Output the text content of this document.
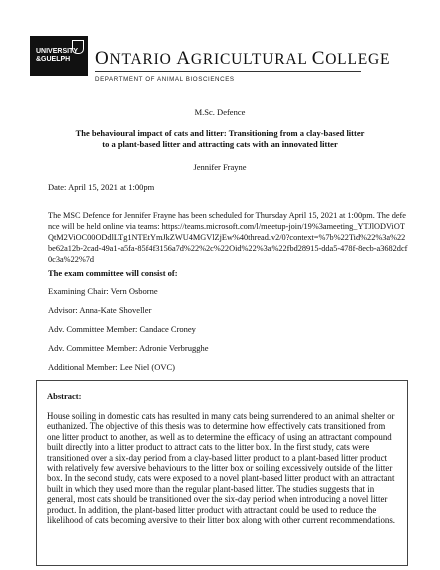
UNIVERSITY
&GUELPH	ONTARIO AGRICULTURAL COLLEGE
DEPARTMENT OF ANIMAL BIOSCIENCES
M.Sc. Defence
The behavioural impact of cats and litter: Transitioning from a clay-based litter
to a plant-based litter and attracting cats with an innovated litter
Jennifer Frayne
Date: April 15, 2021 at 1:00pm
The MSC Defence for Jennifer Frayne has been scheduled for Thursday April 15, 2021 at 1:00pm. The defence will be held online via teams: https://teams.microsoft.com/l/meetup-join/19%3ameeting_YTJlODViOTQtM2ViOC00ODdlLTg1NTEtYmJkZWU4MGVlZjEw%40thread.v2/0?context=%7b%22Tid%22%3a%22be62a12b-2cad-49a1-a5fa-85f4f3156a7d%22%2c%22Oid%22%3a%22fbd28915-dda5-478f-8ecb-a3682dcf0c3a%22%7d
The exam committee will consist of:
Examining Chair: Vern Osborne
Advisor: Anna-Kate Shoveller
Adv. Committee Member: Candace Croney
Adv. Committee Member: Adronie Verbrugghe
Additional Member: Lee Niel (OVC)
Abstract:
House soiling in domestic cats has resulted in many cats being surrendered to an animal shelter or euthanized. The objective of this thesis was to determine how effectively cats transitioned from one litter product to another, as well as to determine the efficacy of using an attractant compound built directly into a litter product to attract cats to the litter box. In the first study, cats were transitioned over a six-day period from a clay-based litter product to a plant-based litter product with relatively few aversive behaviours to the litter box or soiling excessively outside of the litter box. In the second study, cats were exposed to a novel plant-based litter product with an attractant built in which they used more than the regular plant-based litter. The studies suggests that in general, most cats should be transitioned over the six-day period when introducing a novel litter product. In addition, the plant-based litter product with attractant could be used to reduce the likelihood of cats becoming aversive to their litter box along with other current recommendations.
